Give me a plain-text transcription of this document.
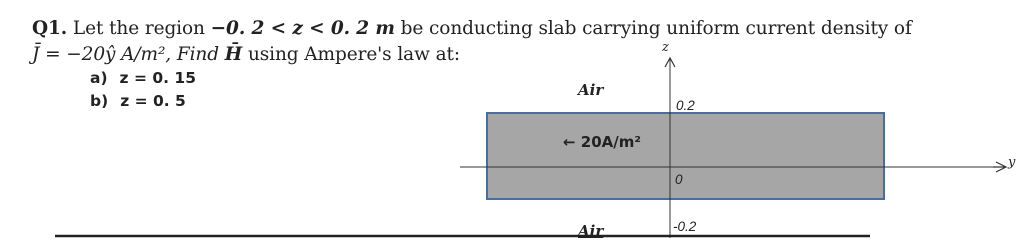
Q1. Let the region −0. 2 < z < 0. 2 m be conducting slab carrying uniform current density of
J̄ = −20ŷ A/m², Find H̄ using Ampere's law at:
a) z = 0. 15
b) z = 0. 5
z
y
Air
Air
0.2
0
-0.2
← 20A/m²
